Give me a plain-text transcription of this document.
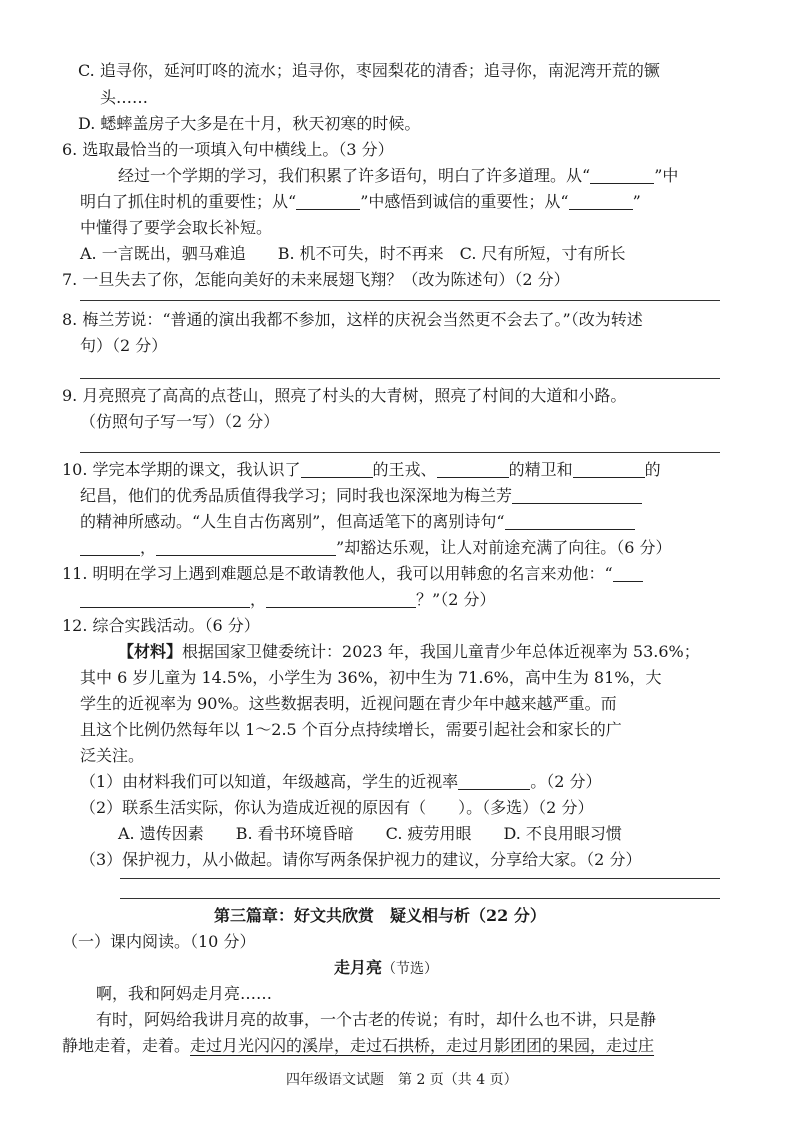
C. 追寻你，延河叮咚的流水；追寻你，枣园梨花的清香；追寻你，南泥湾开荒的镢
头……
D. 蟋蟀盖房子大多是在十月，秋天初寒的时候。
6. 选取最恰当的一项填入句中横线上。（3 分）
经过一个学期的学习，我们积累了许多语句，明白了许多道理。从“	”中
明白了抓住时机的重要性；从“	”中感悟到诚信的重要性；从“	”
中懂得了要学会取长补短。
A. 一言既出，驷马难追　　B. 机不可失，时不再来　C. 尺有所短，寸有所长
7. 一旦失去了你，怎能向美好的未来展翅飞翔？（改为陈述句）（2 分）
8. 梅兰芳说：“普通的演出我都不参加，这样的庆祝会当然更不会去了。”（改为转述
句）（2 分）
9. 月亮照亮了高高的点苍山，照亮了村头的大青树，照亮了村间的大道和小路。
（仿照句子写一写）（2 分）
10. 学完本学期的课文，我认识了	的王戎、	的精卫和	的
纪昌，他们的优秀品质值得我学习；同时我也深深地为梅兰芳
的精神所感动。“人生自古伤离别”，但高适笔下的离别诗句“
，	”却豁达乐观，让人对前途充满了向往。（6 分）
11. 明明在学习上遇到难题总是不敢请教他人，我可以用韩愈的名言来劝他：“
，	？”（2 分）
12. 综合实践活动。（6 分）
【材料】根据国家卫健委统计：2023 年，我国儿童青少年总体近视率为 53.6%；
其中 6 岁儿童为 14.5%，小学生为 36%，初中生为 71.6%，高中生为 81%，大
学生的近视率为 90%。这些数据表明，近视问题在青少年中越来越严重。而
且这个比例仍然每年以 1～2.5 个百分点持续增长，需要引起社会和家长的广
泛关注。
（1）由材料我们可以知道，年级越高，学生的近视率	。（2 分）
（2）联系生活实际，你认为造成近视的原因有（　　）。（多选）（2 分）
A. 遗传因素　　B. 看书环境昏暗　　C. 疲劳用眼　　D. 不良用眼习惯
（3）保护视力，从小做起。请你写两条保护视力的建议，分享给大家。（2 分）
第三篇章：好文共欣赏　疑义相与析（22 分）
（一）课内阅读。（10 分）
走月亮（节选）
啊，我和阿妈走月亮……
有时，阿妈给我讲月亮的故事，一个古老的传说；有时，却什么也不讲，只是静
静地走着，走着。走过月光闪闪的溪岸，走过石拱桥，走过月影团团的果园，走过庄
四年级语文试题　第 2 页（共 4 页）
